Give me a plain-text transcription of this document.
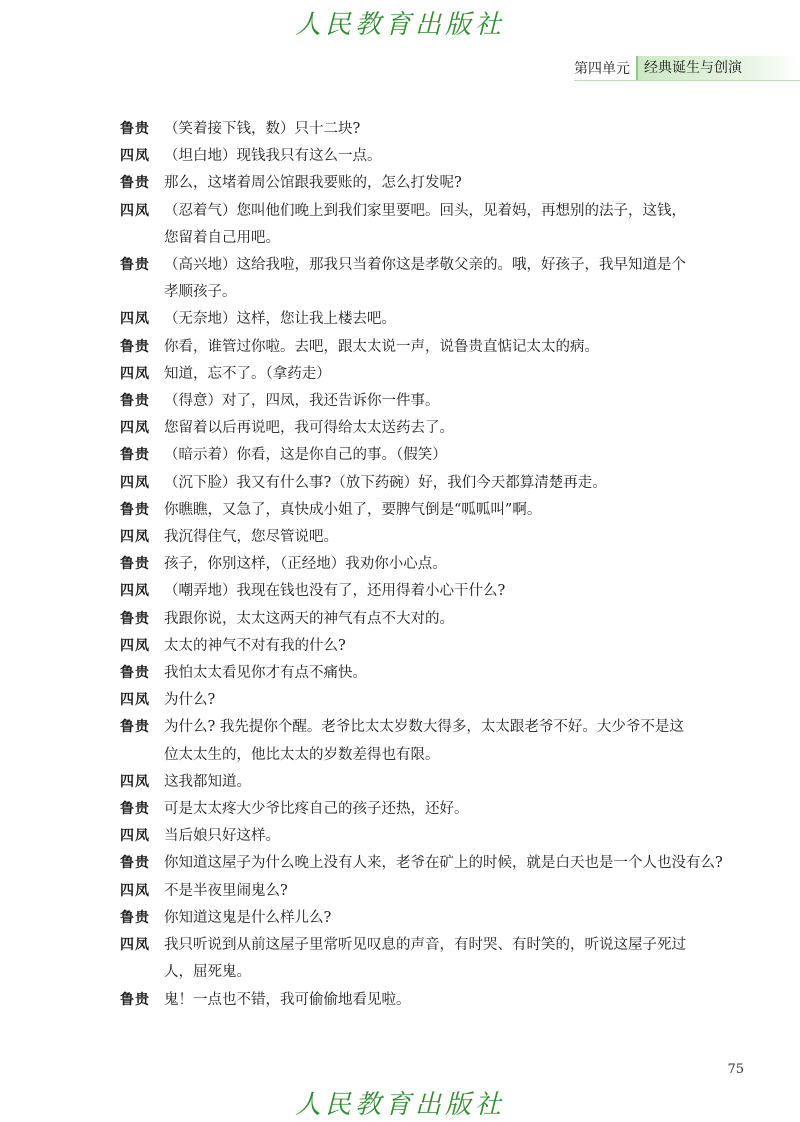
人民教育出版社
第四单元	经典诞生与创演
鲁贵 （笑着接下钱，数）只十二块?
四凤 （坦白地）现钱我只有这么一点。
鲁贵 那么，这堵着周公馆跟我要账的，怎么打发呢?
四凤 （忍着气）您叫他们晚上到我们家里要吧。回头，见着妈，再想别的法子，这钱，
您留着自己用吧。
鲁贵 （高兴地）这给我啦，那我只当着你这是孝敬父亲的。哦，好孩子，我早知道是个
孝顺孩子。
四凤 （无奈地）这样，您让我上楼去吧。
鲁贵 你看，谁管过你啦。去吧，跟太太说一声，说鲁贵直惦记太太的病。
四凤 知道，忘不了。（拿药走）
鲁贵 （得意）对了，四凤，我还告诉你一件事。
四凤 您留着以后再说吧，我可得给太太送药去了。
鲁贵 （暗示着）你看，这是你自己的事。（假笑）
四凤 （沉下脸）我又有什么事?（放下药碗）好，我们今天都算清楚再走。
鲁贵 你瞧瞧，又急了，真快成小姐了，要脾气倒是“呱呱叫”啊。
四凤 我沉得住气，您尽管说吧。
鲁贵 孩子，你别这样，（正经地）我劝你小心点。
四凤 （嘲弄地）我现在钱也没有了，还用得着小心干什么?
鲁贵 我跟你说，太太这两天的神气有点不大对的。
四凤 太太的神气不对有我的什么?
鲁贵 我怕太太看见你才有点不痛快。
四凤 为什么?
鲁贵 为什么? 我先提你个醒。老爷比太太岁数大得多，太太跟老爷不好。大少爷不是这
位太太生的，他比太太的岁数差得也有限。
四凤 这我都知道。
鲁贵 可是太太疼大少爷比疼自己的孩子还热，还好。
四凤 当后娘只好这样。
鲁贵 你知道这屋子为什么晚上没有人来，老爷在矿上的时候，就是白天也是一个人也没有么?
四凤 不是半夜里闹鬼么?
鲁贵 你知道这鬼是什么样儿么?
四凤 我只听说到从前这屋子里常听见叹息的声音，有时哭、有时笑的，听说这屋子死过
人，屈死鬼。
鲁贵 鬼！一点也不错，我可偷偷地看见啦。
75
人民教育出版社
